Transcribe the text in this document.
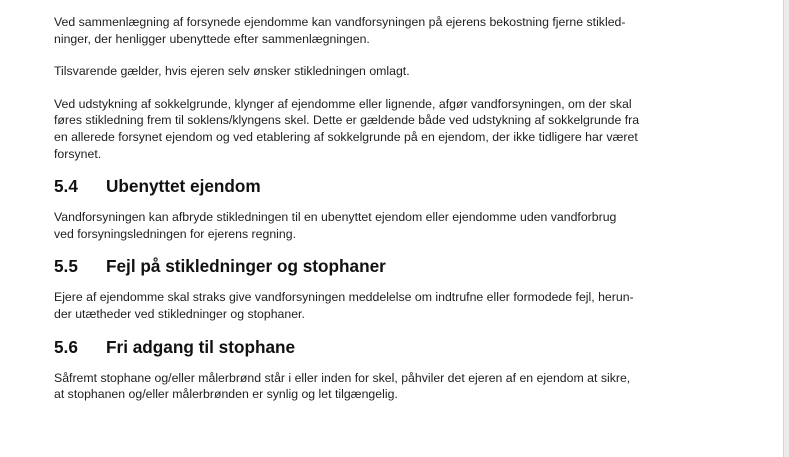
Ved sammenlægning af forsynede ejendomme kan vandforsyningen på ejerens bekostning fjerne stikled-
ninger, der henligger ubenyttede efter sammenlægningen.

Tilsvarende gælder, hvis ejeren selv ønsker stikledningen omlagt.

Ved udstykning af sokkelgrunde, klynger af ejendomme eller lignende, afgør vandforsyningen, om der skal
føres stikledning frem til soklens/klyngens skel. Dette er gældende både ved udstykning af sokkelgrunde fra
en allerede forsynet ejendom og ved etablering af sokkelgrunde på en ejendom, der ikke tidligere har været
forsynet.

5.4	Ubenyttet ejendom

Vandforsyningen kan afbryde stikledningen til en ubenyttet ejendom eller ejendomme uden vandforbrug
ved forsyningsledningen for ejerens regning.

5.5	Fejl på stikledninger og stophaner

Ejere af ejendomme skal straks give vandforsyningen meddelelse om indtrufne eller formodede fejl, herun-
der utætheder ved stikledninger og stophaner.

5.6	Fri adgang til stophane

Såfremt stophane og/eller målerbrønd står i eller inden for skel, påhviler det ejeren af en ejendom at sikre,
at stophanen og/eller målerbrønden er synlig og let tilgængelig.
